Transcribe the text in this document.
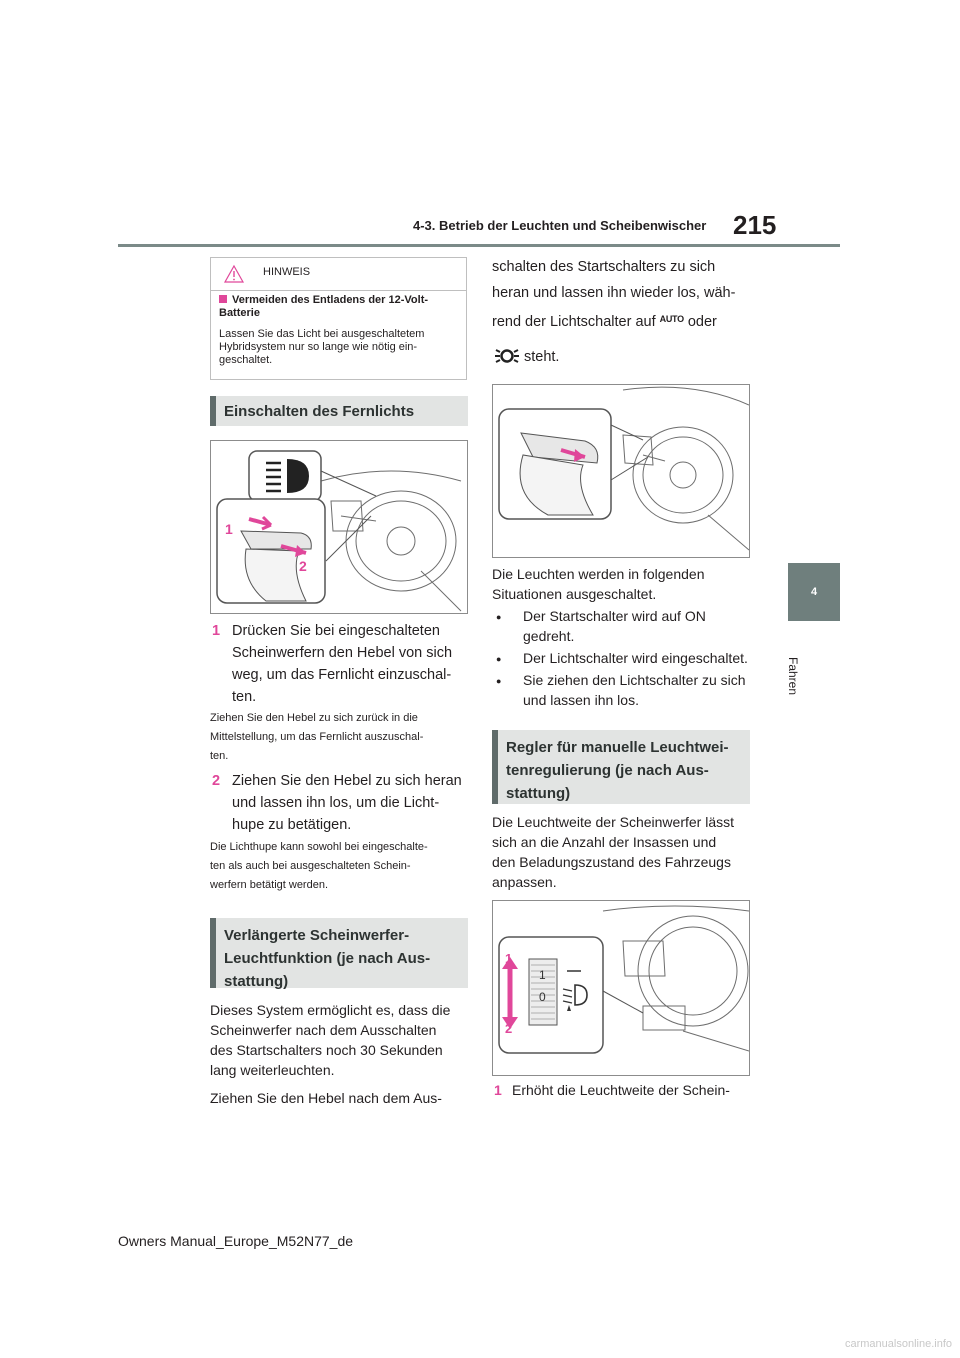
4-3. Betrieb der Leuchten und Scheibenwischer 215
4
Fahren
HINWEIS
Vermeiden des Entladens der 12-Volt-Batterie
Lassen Sie das Licht bei ausgeschaltetem Hybridsystem nur so lange wie nötig ein-geschaltet.
Einschalten des Fernlichts
1
2
1 Drücken Sie bei eingeschalteten
Scheinwerfern den Hebel von sich
weg, um das Fernlicht einzuschal-
ten.
Ziehen Sie den Hebel zu sich zurück in die
Mittelstellung, um das Fernlicht auszuschal-
ten.
2 Ziehen Sie den Hebel zu sich heran
und lassen ihn los, um die Licht-
hupe zu betätigen.
Die Lichthupe kann sowohl bei eingeschalte-
ten als auch bei ausgeschalteten Schein-
werfern betätigt werden.
Verlängerte Scheinwerfer-
Leuchtfunktion (je nach Aus-
stattung)
Dieses System ermöglicht es, dass die
Scheinwerfer nach dem Ausschalten
des Startschalters noch 30 Sekunden
lang weiterleuchten.
Ziehen Sie den Hebel nach dem Aus-
schalten des Startschalters zu sich
heran und lassen ihn wieder los, wäh-
rend der Lichtschalter auf $^{AUTO}$ oder
steht.
Die Leuchten werden in folgenden
Situationen ausgeschaltet.
● Der Startschalter wird auf ON
gedreht.
● Der Lichtschalter wird eingeschaltet.
● Sie ziehen den Lichtschalter zu sich
und lassen ihn los.
Regler für manuelle Leuchtwei-
tenregulierung (je nach Aus-
stattung)
Die Leuchtweite der Scheinwerfer lässt
sich an die Anzahl der Insassen und
den Beladungszustand des Fahrzeugs
anpassen.
1
0
1
2
1 Erhöht die Leuchtweite der Schein-
Owners Manual_Europe_M52N77_de
carmanualsonline.info
